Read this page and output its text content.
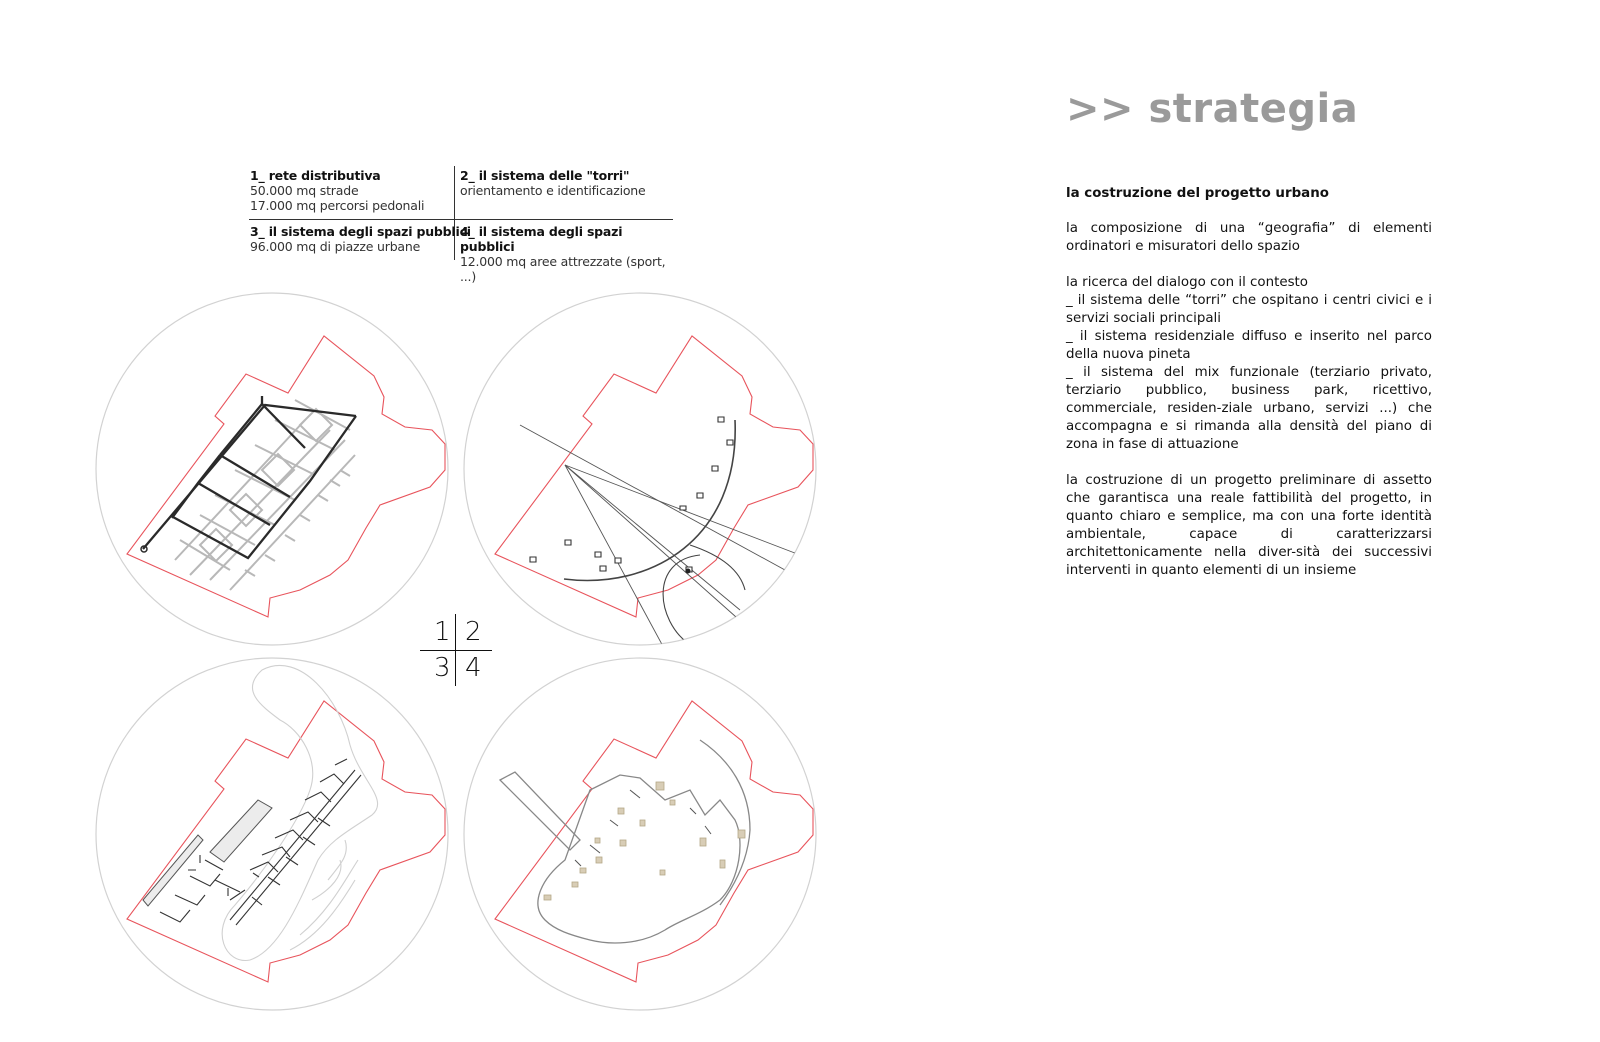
1_ rete distributiva
50.000 mq strade
17.000 mq percorsi pedonali
2_ il sistema delle "torri"
orientamento e identificazione
3_ il sistema degli spazi pubblici
96.000 mq di piazze urbane
4_ il sistema degli spazi pubblici
12.000 mq aree attrezzate (sport, ...)
1 2
3 4
>> strategia
la costruzione del progetto urbano

la composizione di una “geografia” di elementi ordinatori e misuratori dello spazio

la ricerca del dialogo con il contesto
_ il sistema delle “torri” che ospitano i centri civici e i servizi sociali principali
_ il sistema residenziale diffuso e inserito nel parco della nuova pineta
_ il sistema del mix funzionale (terziario privato, terziario pubblico, business park, ricettivo, commerciale, residen-ziale urbano, servizi ...) che accompagna e si rimanda alla densità del piano di zona in fase di attuazione

la costruzione di un progetto preliminare di assetto che garantisca una reale fattibilità del progetto, in quanto chiaro e semplice, ma con una forte identità ambientale, capace di caratterizzarsi architettonicamente nella diver-sità dei successivi interventi in quanto elementi di un insieme
